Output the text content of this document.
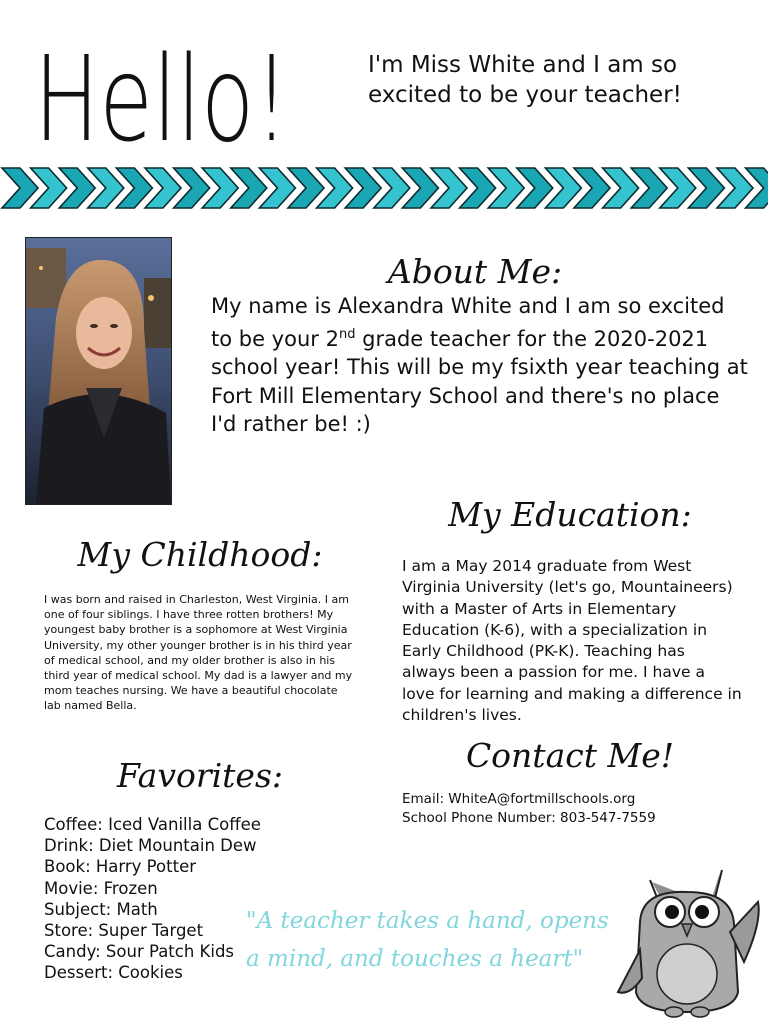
Hello!	I'm Miss White and I am so excited to be your teacher!
About Me:
My name is Alexandra White and I am so excited to be your 2nd grade teacher for the 2020-2021 school year! This will be my fsixth year teaching at Fort Mill Elementary School and there's no place I'd rather be! :)
My Education:
I am a May 2014 graduate from West Virginia University (let's go, Mountaineers) with a Master of Arts in Elementary Education (K-6), with a specialization in Early Childhood (PK-K). Teaching has always been a passion for me. I have a love for learning and making a difference in children's lives.
My Childhood:
I was born and raised in Charleston, West Virginia. I am one of four siblings. I have three rotten brothers! My youngest baby brother is a sophomore at West Virginia University, my other younger brother is in his third year of medical school, and my older brother is also in his third year of medical school. My dad is a lawyer and my mom teaches nursing. We have a beautiful chocolate lab named Bella.
Contact Me!
Email: WhiteA@fortmillschools.org
School Phone Number: 803-547-7559
Favorites:
Coffee: Iced Vanilla Coffee
Drink: Diet Mountain Dew
Book: Harry Potter
Movie: Frozen
Subject: Math
Store: Super Target
Candy: Sour Patch Kids
Dessert: Cookies
"A teacher takes a hand, opens a mind, and touches a heart"
